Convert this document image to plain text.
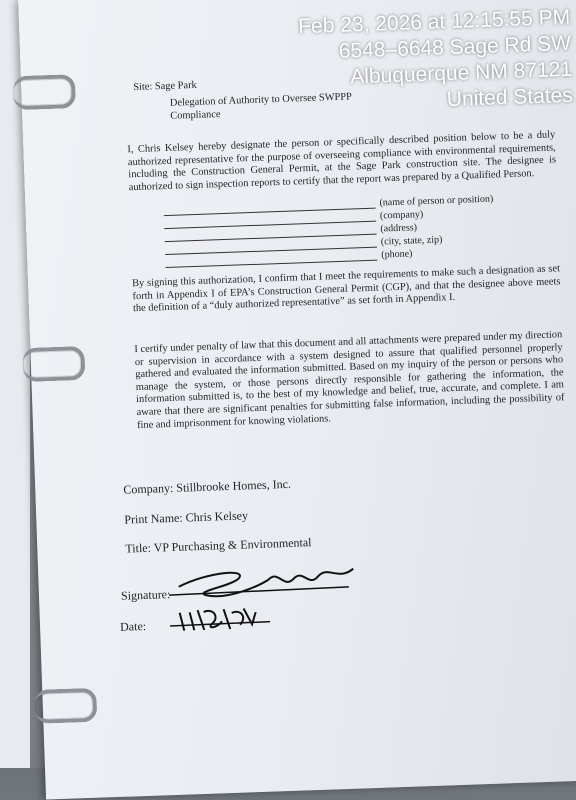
Site: Sage Park
Delegation of Authority to Oversee SWPPP
Compliance
I, Chris Kelsey hereby designate the person or specifically described position below to be a duly authorized representative for the purpose of overseeing compliance with environmental requirements, including the Construction General Permit, at the Sage Park construction site. The designee is authorized to sign inspection reports to certify that the report was prepared by a Qualified Person.
(name of person or position)
(company)
(address)
(city, state, zip)
(phone)
By signing this authorization, I confirm that I meet the requirements to make such a designation as set forth in Appendix I of EPA’s Construction General Permit (CGP), and that the designee above meets the definition of a “duly authorized representative” as set forth in Appendix I.
I certify under penalty of law that this document and all attachments were prepared under my direction or supervision in accordance with a system designed to assure that qualified personnel properly gathered and evaluated the information submitted. Based on my inquiry of the person or persons who manage the system, or those persons directly responsible for gathering the information, the information submitted is, to the best of my knowledge and belief, true, accurate, and complete. I am aware that there are significant penalties for submitting false information, including the possibility of fine and imprisonment for knowing violations.
Company: Stillbrooke Homes, Inc.
Print Name: Chris Kelsey
Title: VP Purchasing & Environmental
Signature:
Date:
Feb 23, 2026 at 12:15:55 PM
6548–6648 Sage Rd SW
Albuquerque NM 87121
United States
